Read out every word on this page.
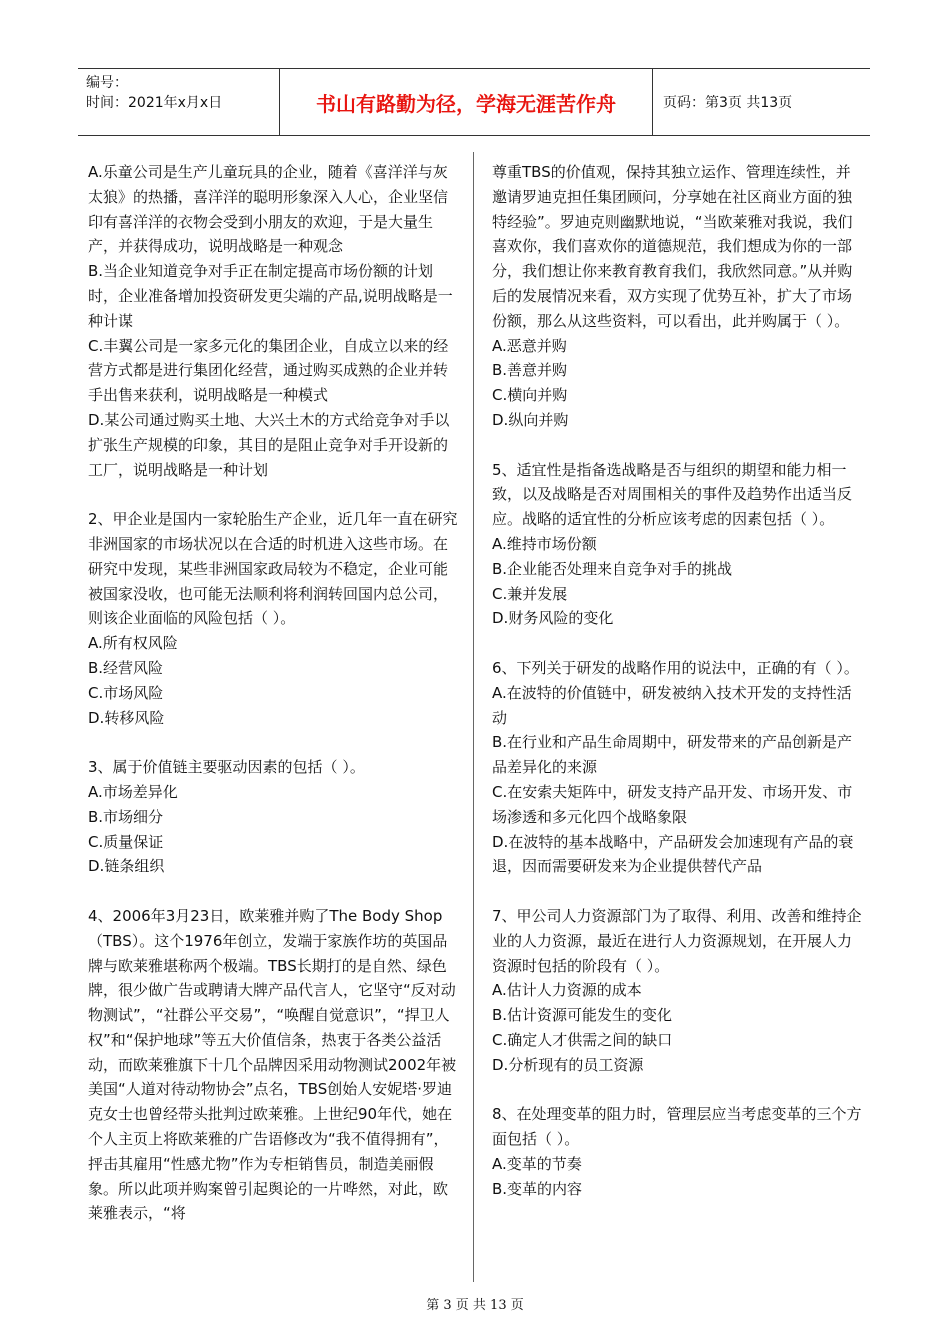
编号：
时间：2021年x月x日	书山有路勤为径，学海无涯苦作舟	页码：第3页 共13页

A.乐童公司是生产儿童玩具的企业，随着《喜洋洋与灰太狼》的热播，喜洋洋的聪明形象深入人心，企业坚信印有喜洋洋的衣物会受到小朋友的欢迎，于是大量生产，并获得成功，说明战略是一种观念

B.当企业知道竞争对手正在制定提高市场份额的计划时，企业准备增加投资研发更尖端的产品,说明战略是一种计谋

C.丰翼公司是一家多元化的集团企业，自成立以来的经营方式都是进行集团化经营，通过购买成熟的企业并转手出售来获利，说明战略是一种模式

D.某公司通过购买土地、大兴土木的方式给竞争对手以扩张生产规模的印象，其目的是阻止竞争对手开设新的工厂，说明战略是一种计划

2、甲企业是国内一家轮胎生产企业，近几年一直在研究非洲国家的市场状况以在合适的时机进入这些市场。在研究中发现，某些非洲国家政局较为不稳定，企业可能被国家没收，也可能无法顺利将利润转回国内总公司，则该企业面临的风险包括（ ）。

A.所有权风险

B.经营风险

C.市场风险

D.转移风险

3、属于价值链主要驱动因素的包括（ ）。

A.市场差异化

B.市场细分

C.质量保证

D.链条组织

4、2006年3月23日，欧莱雅并购了The Body Shop（TBS）。这个1976年创立，发端于家族作坊的英国品牌与欧莱雅堪称两个极端。TBS长期打的是自然、绿色牌，很少做广告或聘请大牌产品代言人，它坚守“反对动物测试”，“社群公平交易”，“唤醒自觉意识”，“捍卫人权”和“保护地球”等五大价值信条，热衷于各类公益活动，而欧莱雅旗下十几个品牌因采用动物测试2002年被美国“人道对待动物协会”点名，TBS创始人安妮塔·罗迪克女士也曾经带头批判过欧莱雅。上世纪90年代，她在个人主页上将欧莱雅的广告语修改为“我不值得拥有”，抨击其雇用“性感尤物”作为专柜销售员，制造美丽假象。所以此项并购案曾引起舆论的一片哗然，对此，欧莱雅表示，“将

尊重TBS的价值观，保持其独立运作、管理连续性，并邀请罗迪克担任集团顾问，分享她在社区商业方面的独特经验”。罗迪克则幽默地说，“当欧莱雅对我说，我们喜欢你，我们喜欢你的道德规范，我们想成为你的一部分，我们想让你来教育教育我们，我欣然同意。”从并购后的发展情况来看，双方实现了优势互补，扩大了市场份额，那么从这些资料，可以看出，此并购属于（ ）。

A.恶意并购

B.善意并购

C.横向并购

D.纵向并购

5、适宜性是指备选战略是否与组织的期望和能力相一致，以及战略是否对周围相关的事件及趋势作出适当反应。战略的适宜性的分析应该考虑的因素包括（ ）。

A.维持市场份额

B.企业能否处理来自竞争对手的挑战

C.兼并发展

D.财务风险的变化

6、下列关于研发的战略作用的说法中，正确的有（ ）。

A.在波特的价值链中，研发被纳入技术开发的支持性活动

B.在行业和产品生命周期中，研发带来的产品创新是产品差异化的来源

C.在安索夫矩阵中，研发支持产品开发、市场开发、市场渗透和多元化四个战略象限

D.在波特的基本战略中，产品研发会加速现有产品的衰退，因而需要研发来为企业提供替代产品

7、甲公司人力资源部门为了取得、利用、改善和维持企业的人力资源，最近在进行人力资源规划，在开展人力资源时包括的阶段有（ ）。

A.估计人力资源的成本

B.估计资源可能发生的变化

C.确定人才供需之间的缺口

D.分析现有的员工资源

8、在处理变革的阻力时，管理层应当考虑变革的三个方面包括（ ）。

A.变革的节奏

B.变革的内容

第 3 页 共 13 页
